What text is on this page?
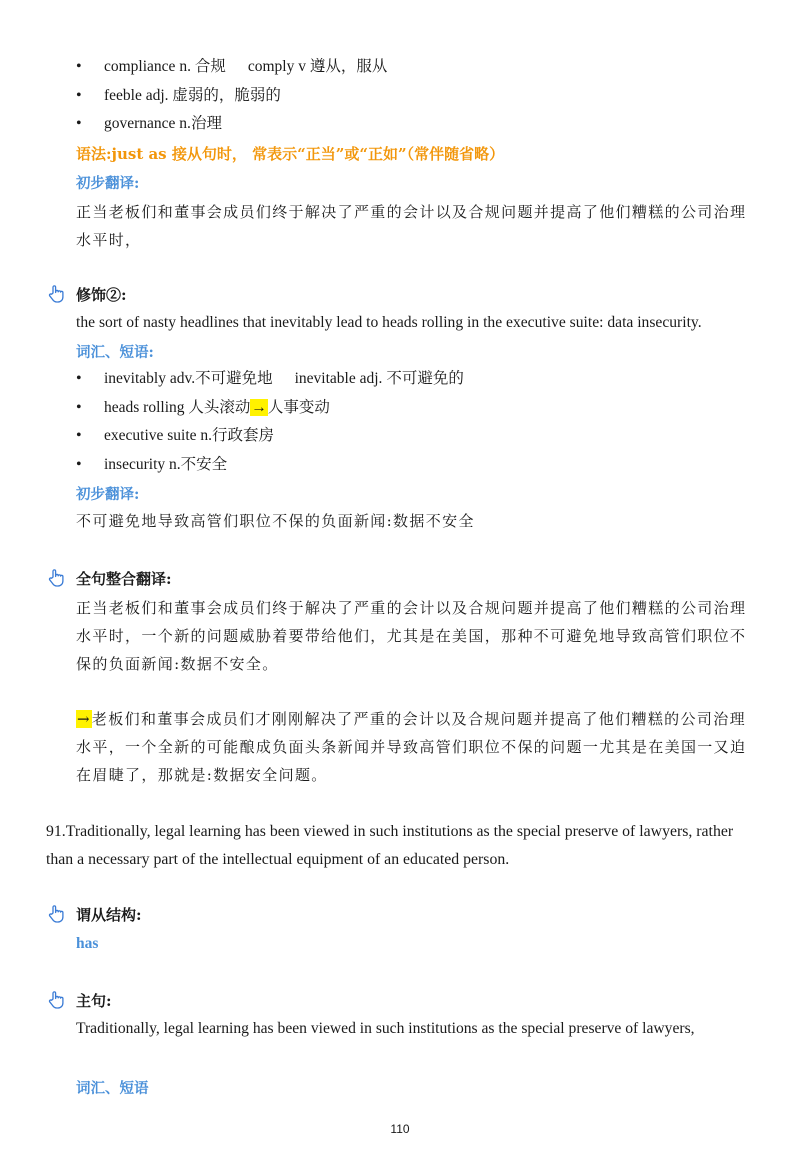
• compliance n. 合规 comply v 遵从，服从
• feeble adj. 虚弱的，脆弱的
• governance n.治理
语法:just as 接从句时， 常表示“正当”或“正如”（常伴随省略）
初步翻译:

正当老板们和董事会成员们终于解决了严重的会计以及合规问题并提高了他们糟糕的公司治理水平时，

修饰②:

the sort of nasty headlines that inevitably lead to heads rolling in the executive suite: data insecurity.

词汇、短语:
• inevitably adv.不可避免地 inevitable adj. 不可避免的
• heads rolling 人头滚动→人事变动
• executive suite n.行政套房
• insecurity n.不安全
初步翻译:

不可避免地导致高管们职位不保的负面新闻:数据不安全

全句整合翻译:

正当老板们和董事会成员们终于解决了严重的会计以及合规问题并提高了他们糟糕的公司治理水平时，一个新的问题威胁着要带给他们，尤其是在美国，那种不可避免地导致高管们职位不保的负面新闻:数据不安全。

→老板们和董事会成员们才刚刚解决了严重的会计以及合规问题并提高了他们糟糕的公司治理水平，一个全新的可能酿成负面头条新闻并导致高管们职位不保的问题一尤其是在美国一又迫在眉睫了，那就是:数据安全问题。

91.Traditionally, legal learning has been viewed in such institutions as the special preserve of lawyers, rather than a necessary part of the intellectual equipment of an educated person.

谓从结构:
has
主句:

Traditionally, legal learning has been viewed in such institutions as the special preserve of lawyers,

词汇、短语
110
